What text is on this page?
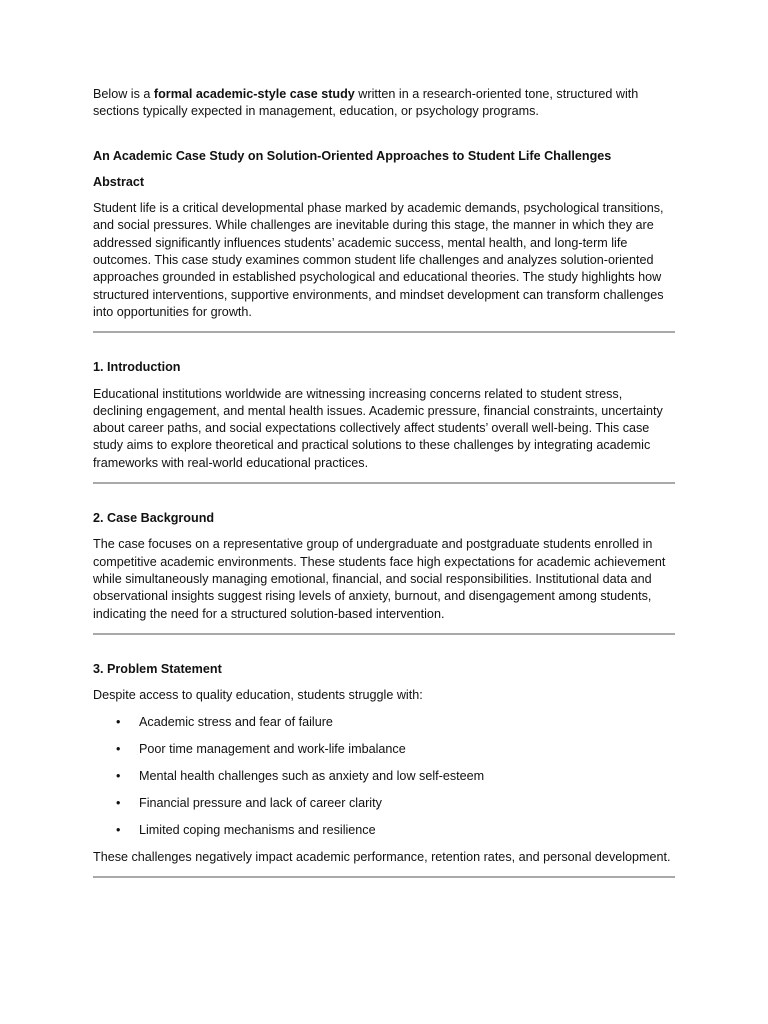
Below is a formal academic-style case study written in a research-oriented tone, structured with sections typically expected in management, education, or psychology programs.

An Academic Case Study on Solution-Oriented Approaches to Student Life Challenges

Abstract

Student life is a critical developmental phase marked by academic demands, psychological transitions, and social pressures. While challenges are inevitable during this stage, the manner in which they are addressed significantly influences students’ academic success, mental health, and long-term life outcomes. This case study examines common student life challenges and analyzes solution-oriented approaches grounded in established psychological and educational theories. The study highlights how structured interventions, supportive environments, and mindset development can transform challenges into opportunities for growth.

1. Introduction

Educational institutions worldwide are witnessing increasing concerns related to student stress, declining engagement, and mental health issues. Academic pressure, financial constraints, uncertainty about career paths, and social expectations collectively affect students’ overall well-being. This case study aims to explore theoretical and practical solutions to these challenges by integrating academic frameworks with real-world educational practices.

2. Case Background

The case focuses on a representative group of undergraduate and postgraduate students enrolled in competitive academic environments. These students face high expectations for academic achievement while simultaneously managing emotional, financial, and social responsibilities. Institutional data and observational insights suggest rising levels of anxiety, burnout, and disengagement among students, indicating the need for a structured solution-based intervention.

3. Problem Statement

Despite access to quality education, students struggle with:

• Academic stress and fear of failure
• Poor time management and work-life imbalance
• Mental health challenges such as anxiety and low self-esteem
• Financial pressure and lack of career clarity
• Limited coping mechanisms and resilience

These challenges negatively impact academic performance, retention rates, and personal development.
